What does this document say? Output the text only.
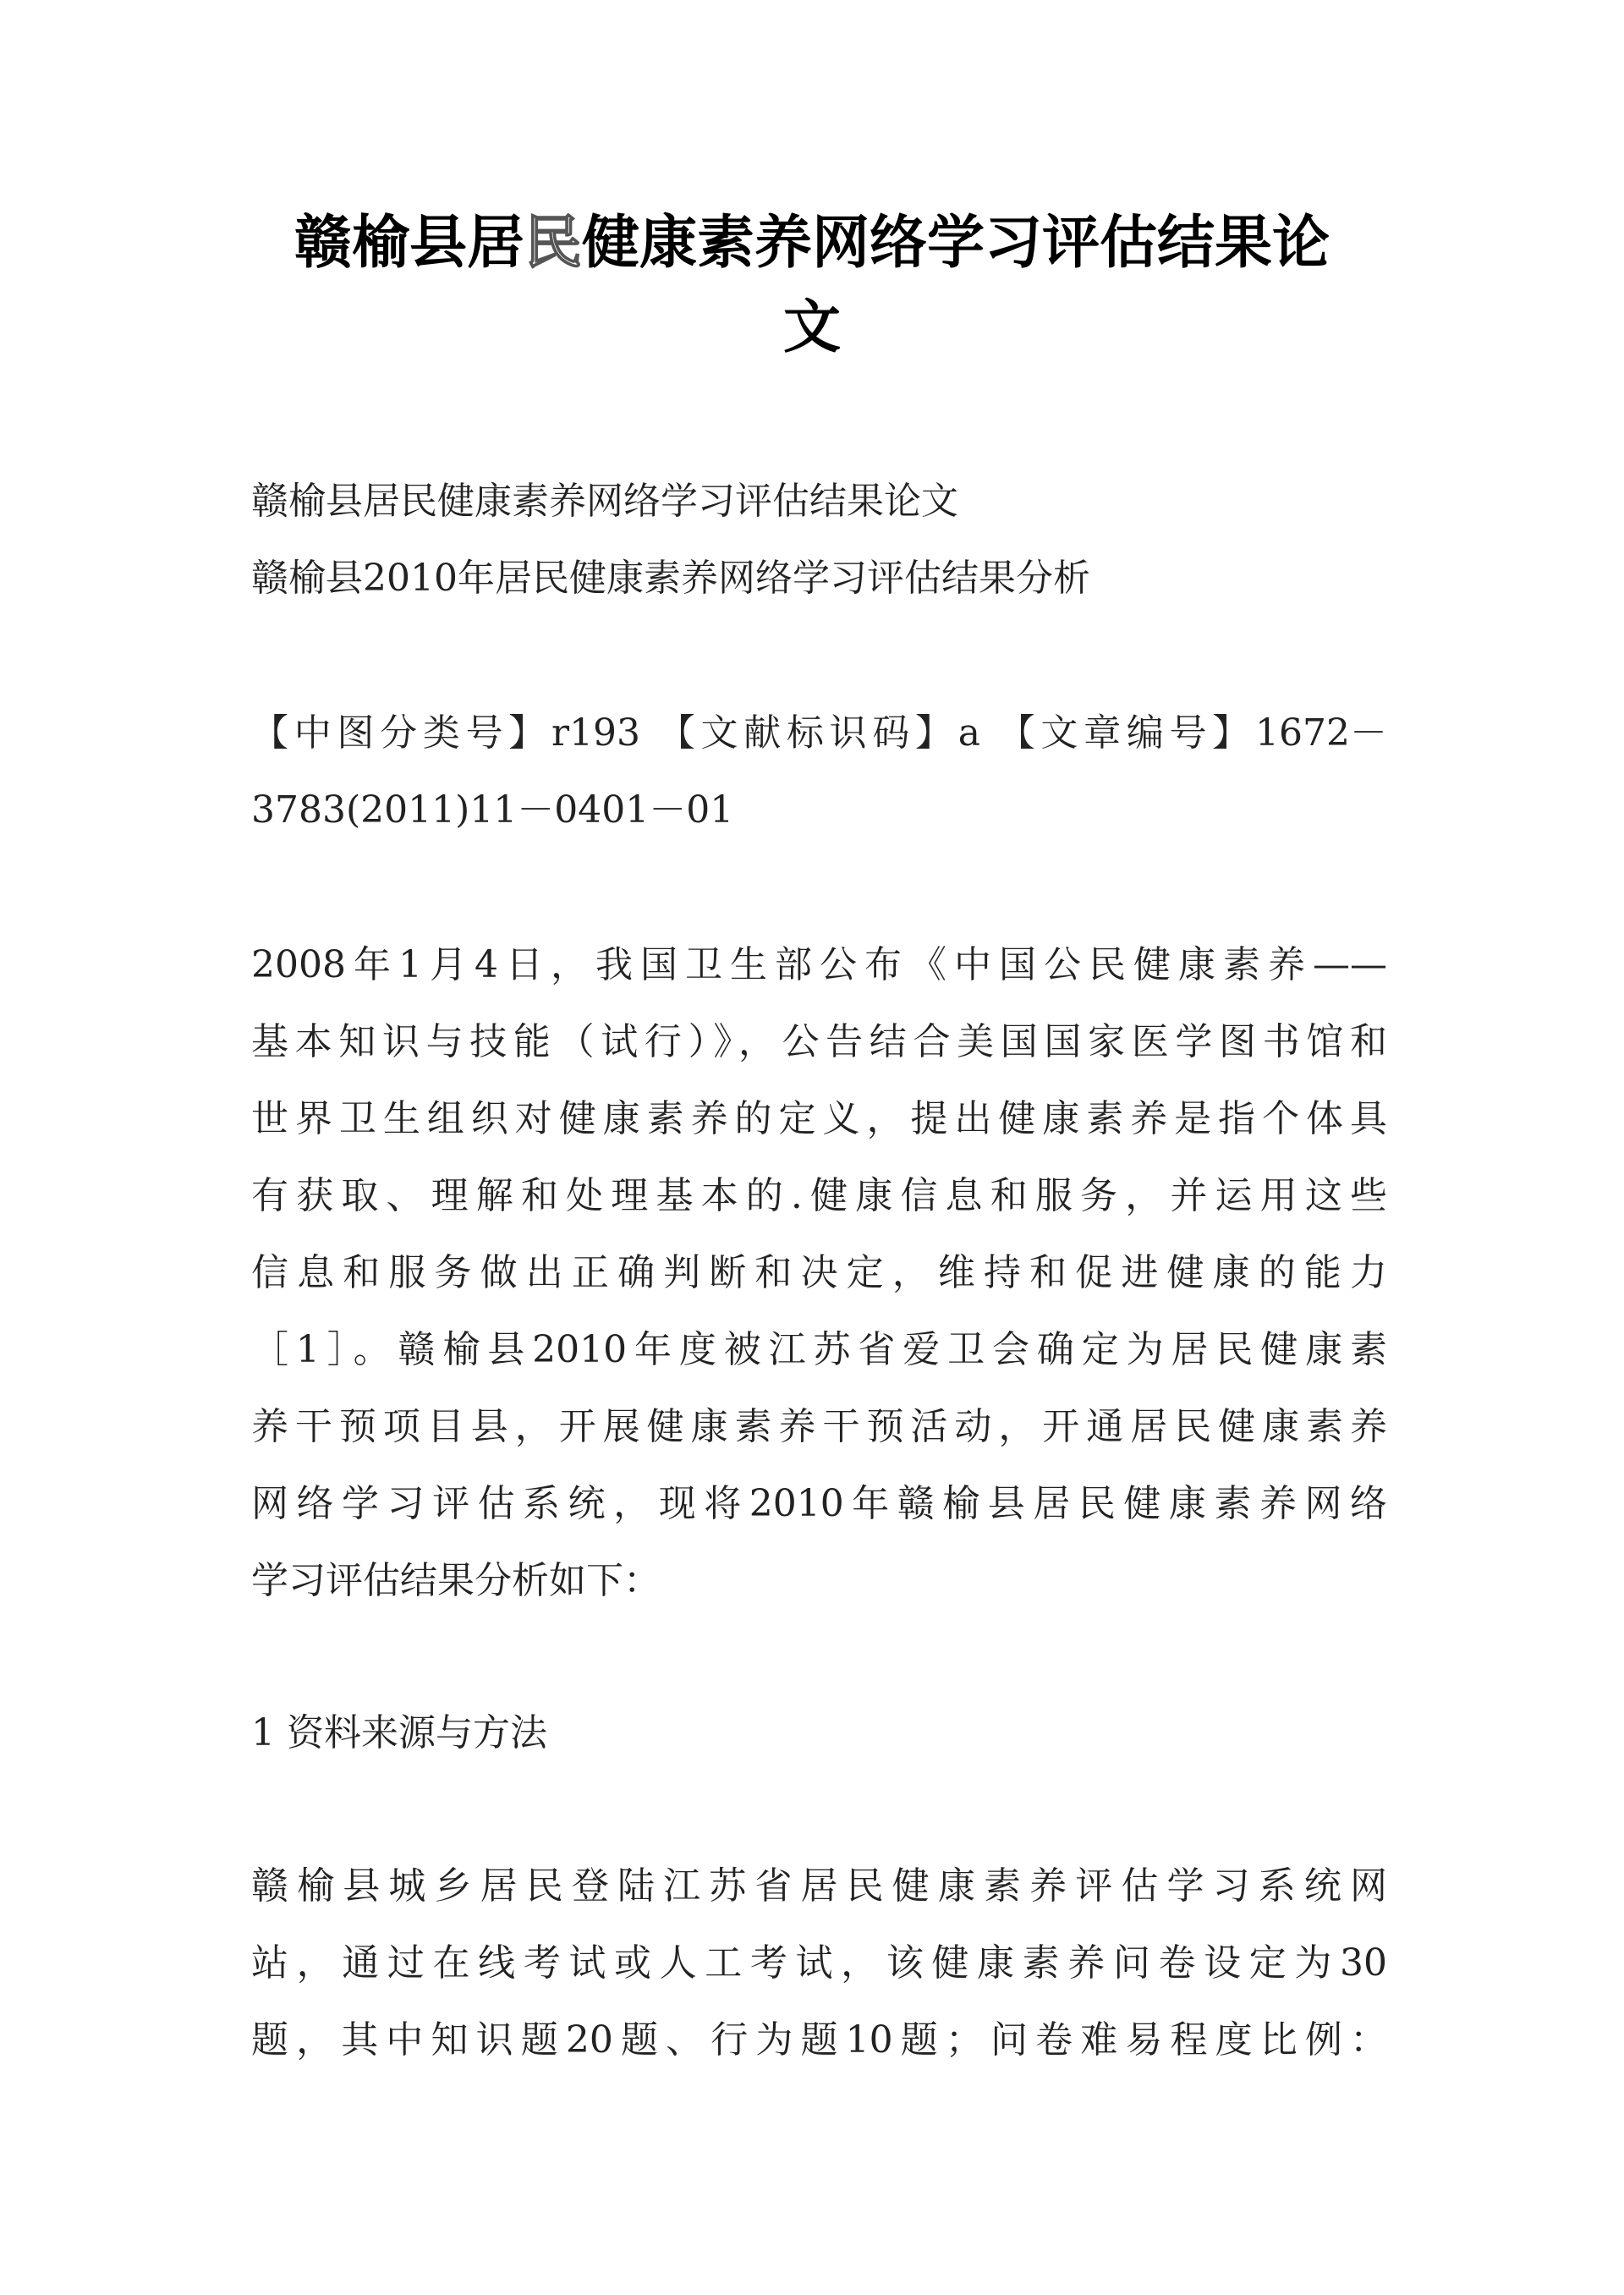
赣榆县居民健康素养网络学习评估结果论
文
赣榆县居民健康素养网络学习评估结果论文
赣榆县2010年居民健康素养网络学习评估结果分析
【中图分类号】r193 【文献标识码】a 【文章编号】1672－
3783(2011)11－0401－01
2008年1月4日，我国卫生部公布《中国公民健康素养——
基本知识与技能（试行）》，公告结合美国国家医学图书馆和
世界卫生组织对健康素养的定义，提出健康素养是指个体具
有获取、理解和处理基本的.健康信息和服务，并运用这些
信息和服务做出正确判断和决定，维持和促进健康的能力
［1］。赣榆县2010年度被江苏省爱卫会确定为居民健康素
养干预项目县，开展健康素养干预活动，开通居民健康素养
网络学习评估系统，现将2010年赣榆县居民健康素养网络
学习评估结果分析如下：
1 资料来源与方法
赣榆县城乡居民登陆江苏省居民健康素养评估学习系统网
站，通过在线考试或人工考试，该健康素养问卷设定为30
题，其中知识题20题、行为题10题；问卷难易程度比例：
